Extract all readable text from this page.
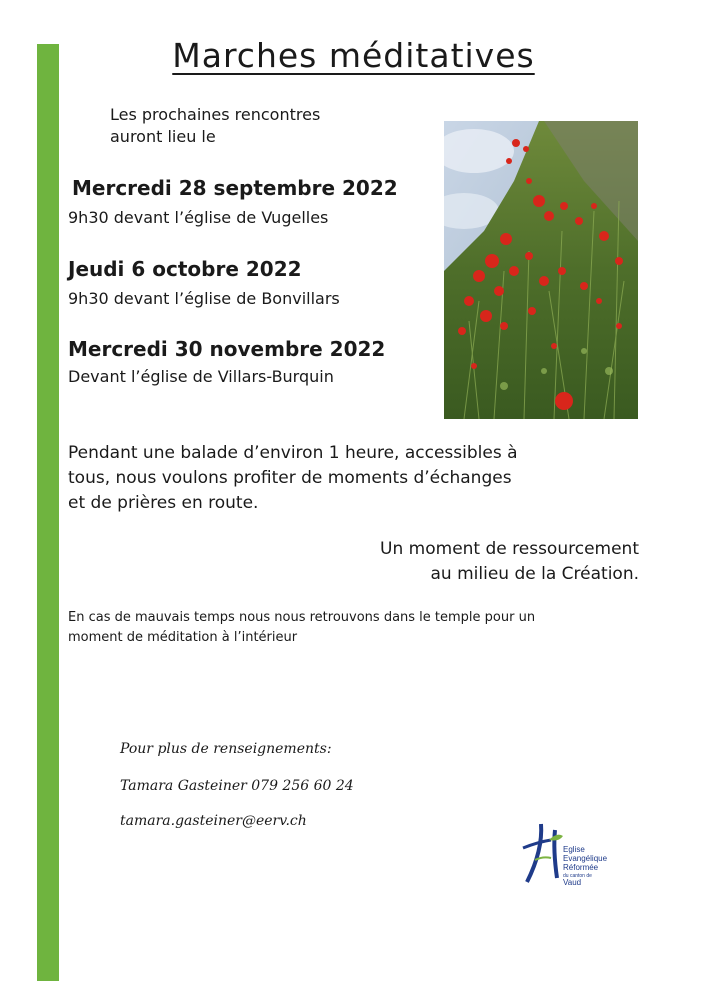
Marches méditatives
Les prochaines rencontres
auront lieu le
Mercredi 28 septembre 2022
9h30 devant l’église de Vugelles
Jeudi 6 octobre 2022
9h30 devant l’église de Bonvillars
Mercredi 30 novembre 2022
Devant l’église de Villars-Burquin
Pendant une balade d’environ 1 heure, accessibles à
tous, nous voulons profiter de moments d’échanges
et de prières en route.
Un moment de ressourcement
au milieu de la Création.
En cas de mauvais temps nous nous retrouvons dans le temple pour un
moment de méditation à l’intérieur
Pour plus de renseignements:
Tamara Gasteiner 079 256 60 24
tamara.gasteiner@eerv.ch
Eglise
Evangélique
Réformée
du canton de
Vaud
